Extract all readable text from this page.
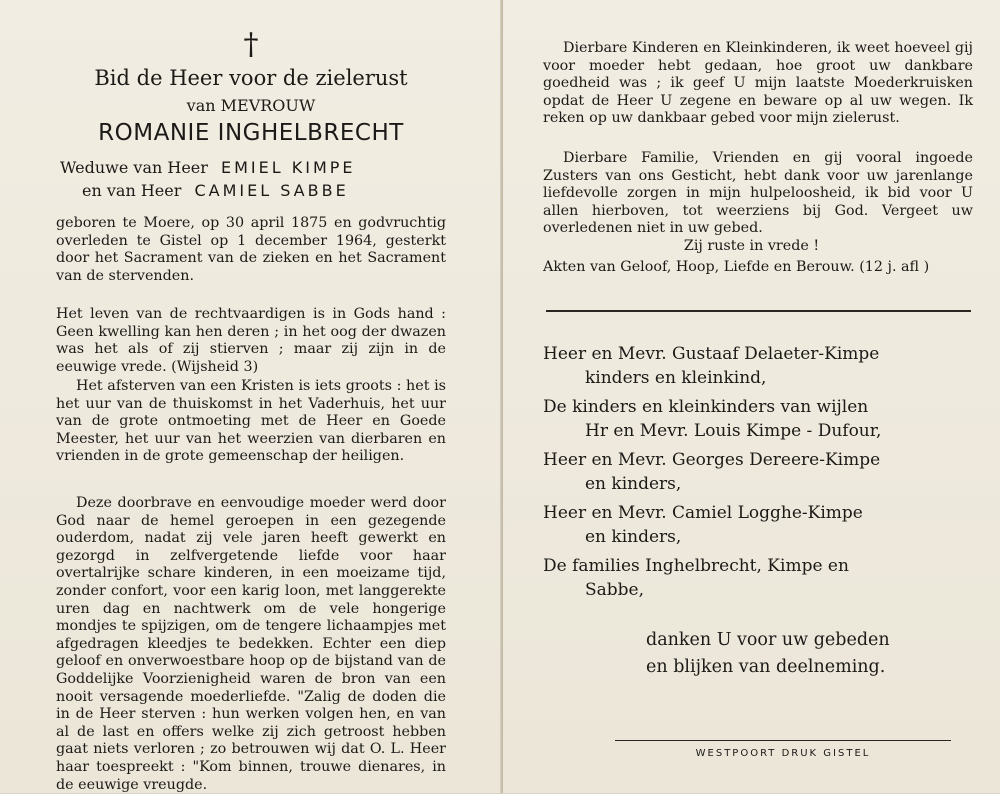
†
Bid de Heer voor de zielerust
van MEVROUW
ROMANIE INGHELBRECHT
Weduwe van Heer EMIEL KIMPE
en van Heer CAMIEL SABBE

geboren te Moere, op 30 april 1875 en godvruchtig overleden te Gistel op 1 december 1964, gesterkt door het Sacrament van de zieken en het Sacrament van de stervenden.

Het leven van de rechtvaardigen is in Gods hand : Geen kwelling kan hen deren ; in het oog der dwazen was het als of zij stierven ; maar zij zijn in de eeuwige vrede. (Wijsheid 3)

Het afsterven van een Kristen is iets groots : het is het uur van de thuiskomst in het Vaderhuis, het uur van de grote ontmoeting met de Heer en Goede Meester, het uur van het weerzien van dierbaren en vrienden in de grote gemeenschap der heiligen.

Deze doorbrave en eenvoudige moeder werd door God naar de hemel geroepen in een gezegende ouderdom, nadat zij vele jaren heeft gewerkt en gezorgd in zelfvergetende liefde voor haar overtalrijke schare kinderen, in een moeizame tijd, zonder confort, voor een karig loon, met langgerekte uren dag en nachtwerk om de vele hongerige mondjes te spijzigen, om de tengere lichaampjes met afgedragen kleedjes te bedekken. Echter een diep geloof en onverwoestbare hoop op de bijstand van de Goddelijke Voorzienigheid waren de bron van een nooit versagende moederliefde. "Zalig de doden die in de Heer sterven : hun werken volgen hen, en van al de last en offers welke zij zich getroost hebben gaat niets verloren ; zo betrouwen wij dat O. L. Heer haar toespreekt : "Kom binnen, trouwe dienares, in de eeuwige vreugde.

Dierbare Kinderen en Kleinkinderen, ik weet hoeveel gij voor moeder hebt gedaan, hoe groot uw dankbare goedheid was ; ik geef U mijn laatste Moederkruisken opdat de Heer U zegene en beware op al uw wegen. Ik reken op uw dankbaar gebed voor mijn zielerust.

Dierbare Familie, Vrienden en gij vooral ingoede Zusters van ons Gesticht, hebt dank voor uw jarenlange liefdevolle zorgen in mijn hulpeloosheid, ik bid voor U allen hierboven, tot weerziens bij God. Vergeet uw overledenen niet in uw gebed.

Zij ruste in vrede !
Akten van Geloof, Hoop, Liefde en Berouw. (12 j. afl )
Heer en Mevr. Gustaaf Delaeter-Kimpe
kinders en kleinkind,
De kinders en kleinkinders van wijlen
Hr en Mevr. Louis Kimpe - Dufour,
Heer en Mevr. Georges Dereere-Kimpe
en kinders,
Heer en Mevr. Camiel Logghe-Kimpe
en kinders,
De families Inghelbrecht, Kimpe en
Sabbe,
danken U voor uw gebeden
en blijken van deelneming.
WESTPOORT DRUK GISTEL
